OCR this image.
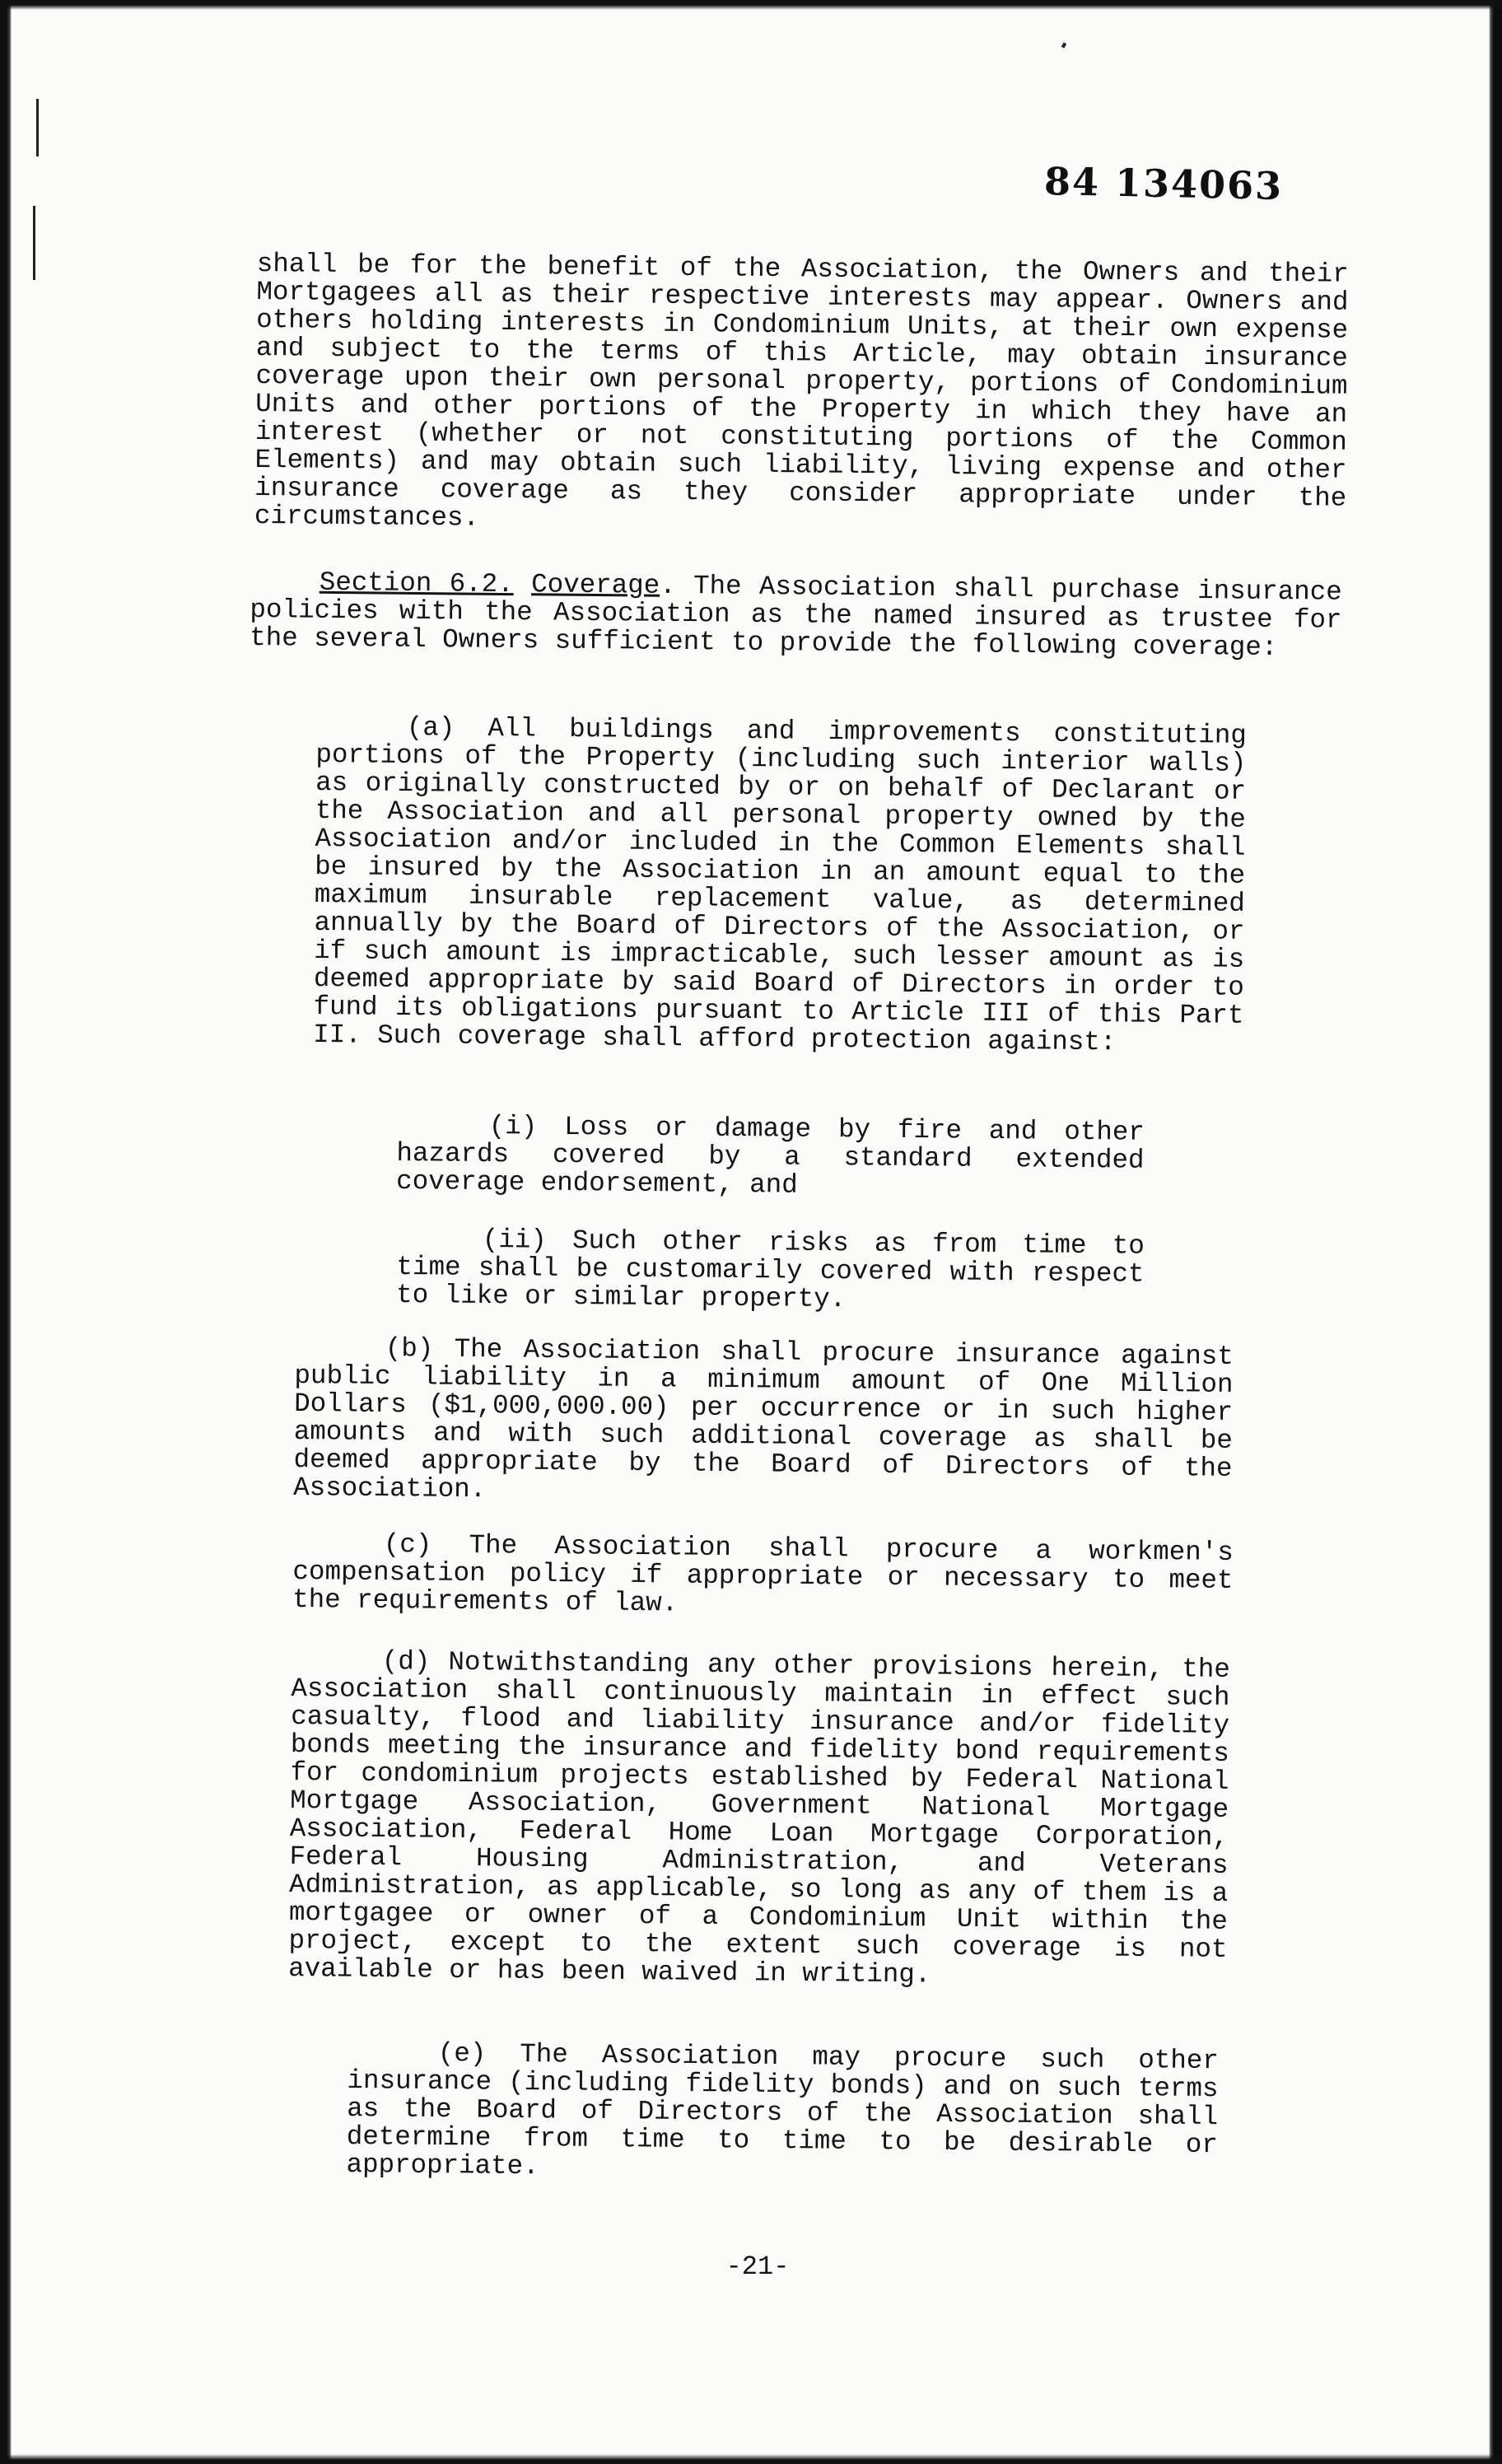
84 134063
shall be for the benefit of the Association, the Owners and their Mortgagees all as their respective interests may appear. Owners and others holding interests in Condominium Units, at their own expense and subject to the terms of this Article, may obtain insurance coverage upon their own personal property, portions of Condominium Units and other portions of the Property in which they have an interest (whether or not constituting portions of the Common Elements) and may obtain such liability, living expense and other insurance coverage as they consider appropriate under the circumstances.
Section 6.2. Coverage. The Association shall purchase insurance policies with the Association as the named insured as trustee for the several Owners sufficient to provide the following coverage:
(a) All buildings and improvements constituting portions of the Property (including such interior walls) as originally constructed by or on behalf of Declarant or the Association and all personal property owned by the Association and/or included in the Common Elements shall be insured by the Association in an amount equal to the maximum insurable replacement value, as determined annually by the Board of Directors of the Association, or if such amount is impracticable, such lesser amount as is deemed appropriate by said Board of Directors in order to fund its obligations pursuant to Article III of this Part II. Such coverage shall afford protection against:
(i) Loss or damage by fire and other hazards covered by a standard extended coverage endorsement, and
(ii) Such other risks as from time to time shall be customarily covered with respect to like or similar property.
(b) The Association shall procure insurance against public liability in a minimum amount of One Million Dollars ($1,000,000.00) per occurrence or in such higher amounts and with such additional coverage as shall be deemed appropriate by the Board of Directors of the Association.
(c) The Association shall procure a workmen's compensation policy if appropriate or necessary to meet the requirements of law.
(d) Notwithstanding any other provisions herein, the Association shall continuously maintain in effect such casualty, flood and liability insurance and/or fidelity bonds meeting the insurance and fidelity bond requirements for condominium projects established by Federal National Mortgage Association, Government National Mortgage Association, Federal Home Loan Mortgage Corporation, Federal Housing Administration, and Veterans Administration, as applicable, so long as any of them is a mortgagee or owner of a Condominium Unit within the project, except to the extent such coverage is not available or has been waived in writing.
(e) The Association may procure such other insurance (including fidelity bonds) and on such terms as the Board of Directors of the Association shall determine from time to time to be desirable or appropriate.
-21-
